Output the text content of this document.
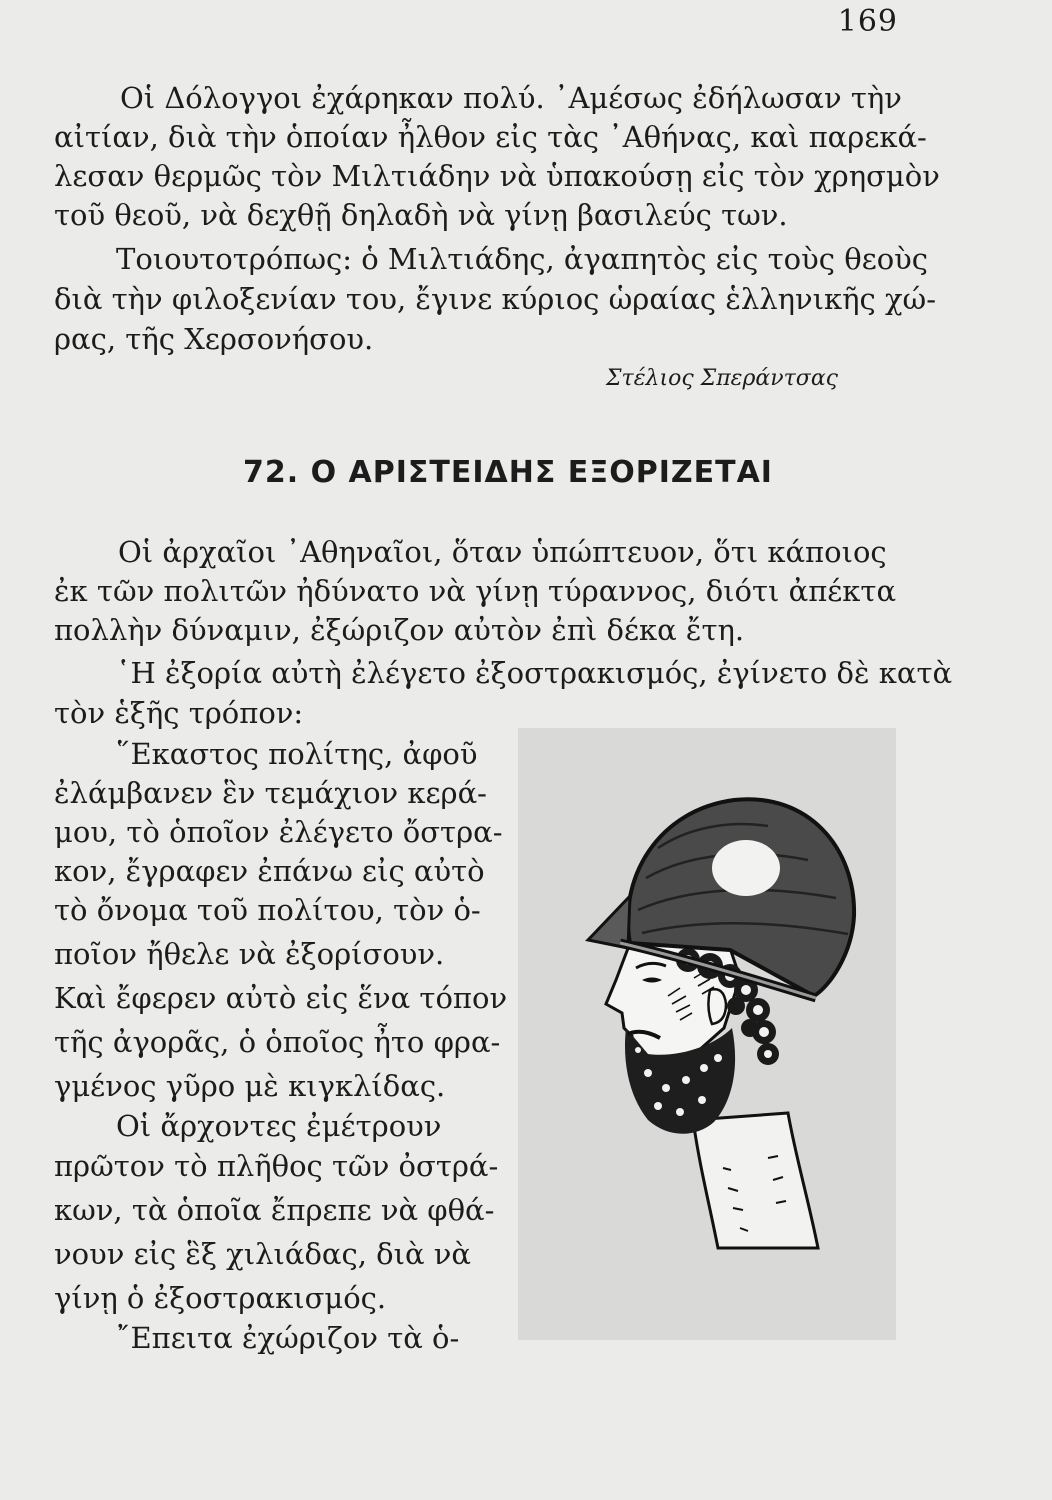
169
Οἱ Δόλογγοι ἐχάρηκαν πολύ. ᾿Αμέσως ἐδήλωσαν τὴν
αἰτίαν, διὰ τὴν ὁποίαν ἦλθον εἰς τὰς ᾿Αθήνας, καὶ παρεκά-
λεσαν θερμῶς τὸν Μιλτιάδην νὰ ὑπακούσῃ εἰς τὸν χρησμὸν
τοῦ θεοῦ, νὰ δεχθῇ δηλαδὴ νὰ γίνῃ βασιλεύς των.
Τοιουτοτρόπως: ὁ Μιλτιάδης, ἀγαπητὸς εἰς τοὺς θεοὺς
διὰ τὴν φιλοξενίαν του, ἔγινε κύριος ὡραίας ἑλληνικῆς χώ-
ρας, τῆς Χερσονήσου.
Στέλιος Σπεράντσας
72. Ο ΑΡΙΣΤΕΙΔΗΣ ΕΞΟΡΙΖΕΤΑΙ
Οἱ ἀρχαῖοι ᾿Αθηναῖοι, ὅταν ὑπώπτευον, ὅτι κάποιος
ἐκ τῶν πολιτῶν ἠδύνατο νὰ γίνῃ τύραννος, διότι ἀπέκτα
πολλὴν δύναμιν, ἐξώριζον αὐτὸν ἐπὶ δέκα ἔτη.
῾Η ἐξορία αὐτὴ ἐλέγετο ἐξοστρακισμός, ἐγίνετο δὲ κατὰ
τὸν ἑξῆς τρόπον:
῞Εκαστος πολίτης, ἀφοῦ
ἐλάμβανεν ἓν τεμάχιον κερά-
μου, τὸ ὁποῖον ἐλέγετο ὄστρα-
κον, ἔγραφεν ἐπάνω εἰς αὐτὸ
τὸ ὄνομα τοῦ πολίτου, τὸν ὁ-
ποῖον ἤθελε νὰ ἐξορίσουν.
Καὶ ἔφερεν αὐτὸ εἰς ἕνα τόπον
τῆς ἀγορᾶς, ὁ ὁποῖος ἦτο φρα-
γμένος γῦρο μὲ κιγκλίδας.
Οἱ ἄρχοντες ἐμέτρουν
πρῶτον τὸ πλῆθος τῶν ὀστρά-
κων, τὰ ὁποῖα ἔπρεπε νὰ φθά-
νουν εἰς ἓξ χιλιάδας, διὰ νὰ
γίνῃ ὁ ἐξοστρακισμός.
῎Επειτα ἐχώριζον τὰ ὁ-
